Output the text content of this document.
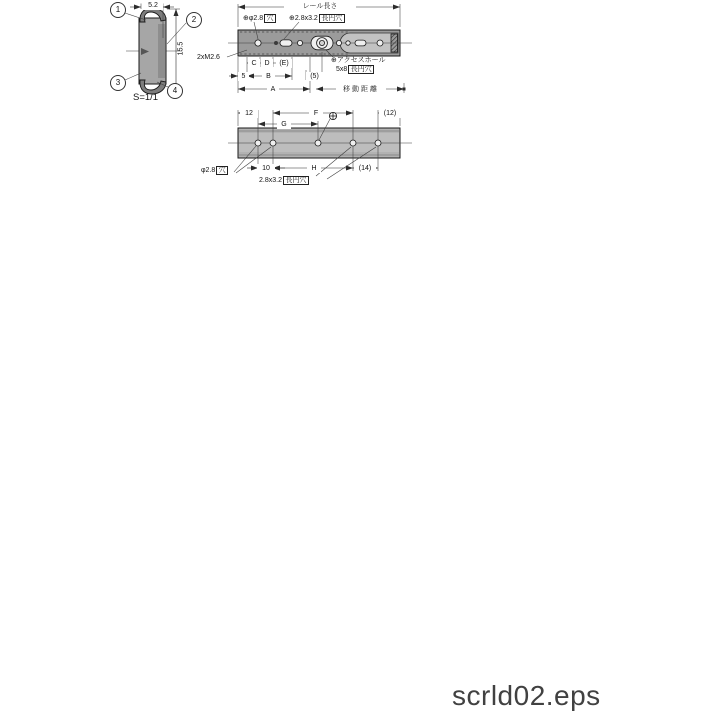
1
2
3
4
5.2
15.5
S=1/1
レール長さ
⊕φ2.8 穴	⊕2.8x3.2 長円穴
2xM2.6	⊕アクセスホール
5x8 長円穴
C	D	(E)
5	B	(5)
A	移動距離
12	F	(12)
G
10	H	(14)
φ2.8 穴
2.8x3.2 長円穴
scrld02.eps
